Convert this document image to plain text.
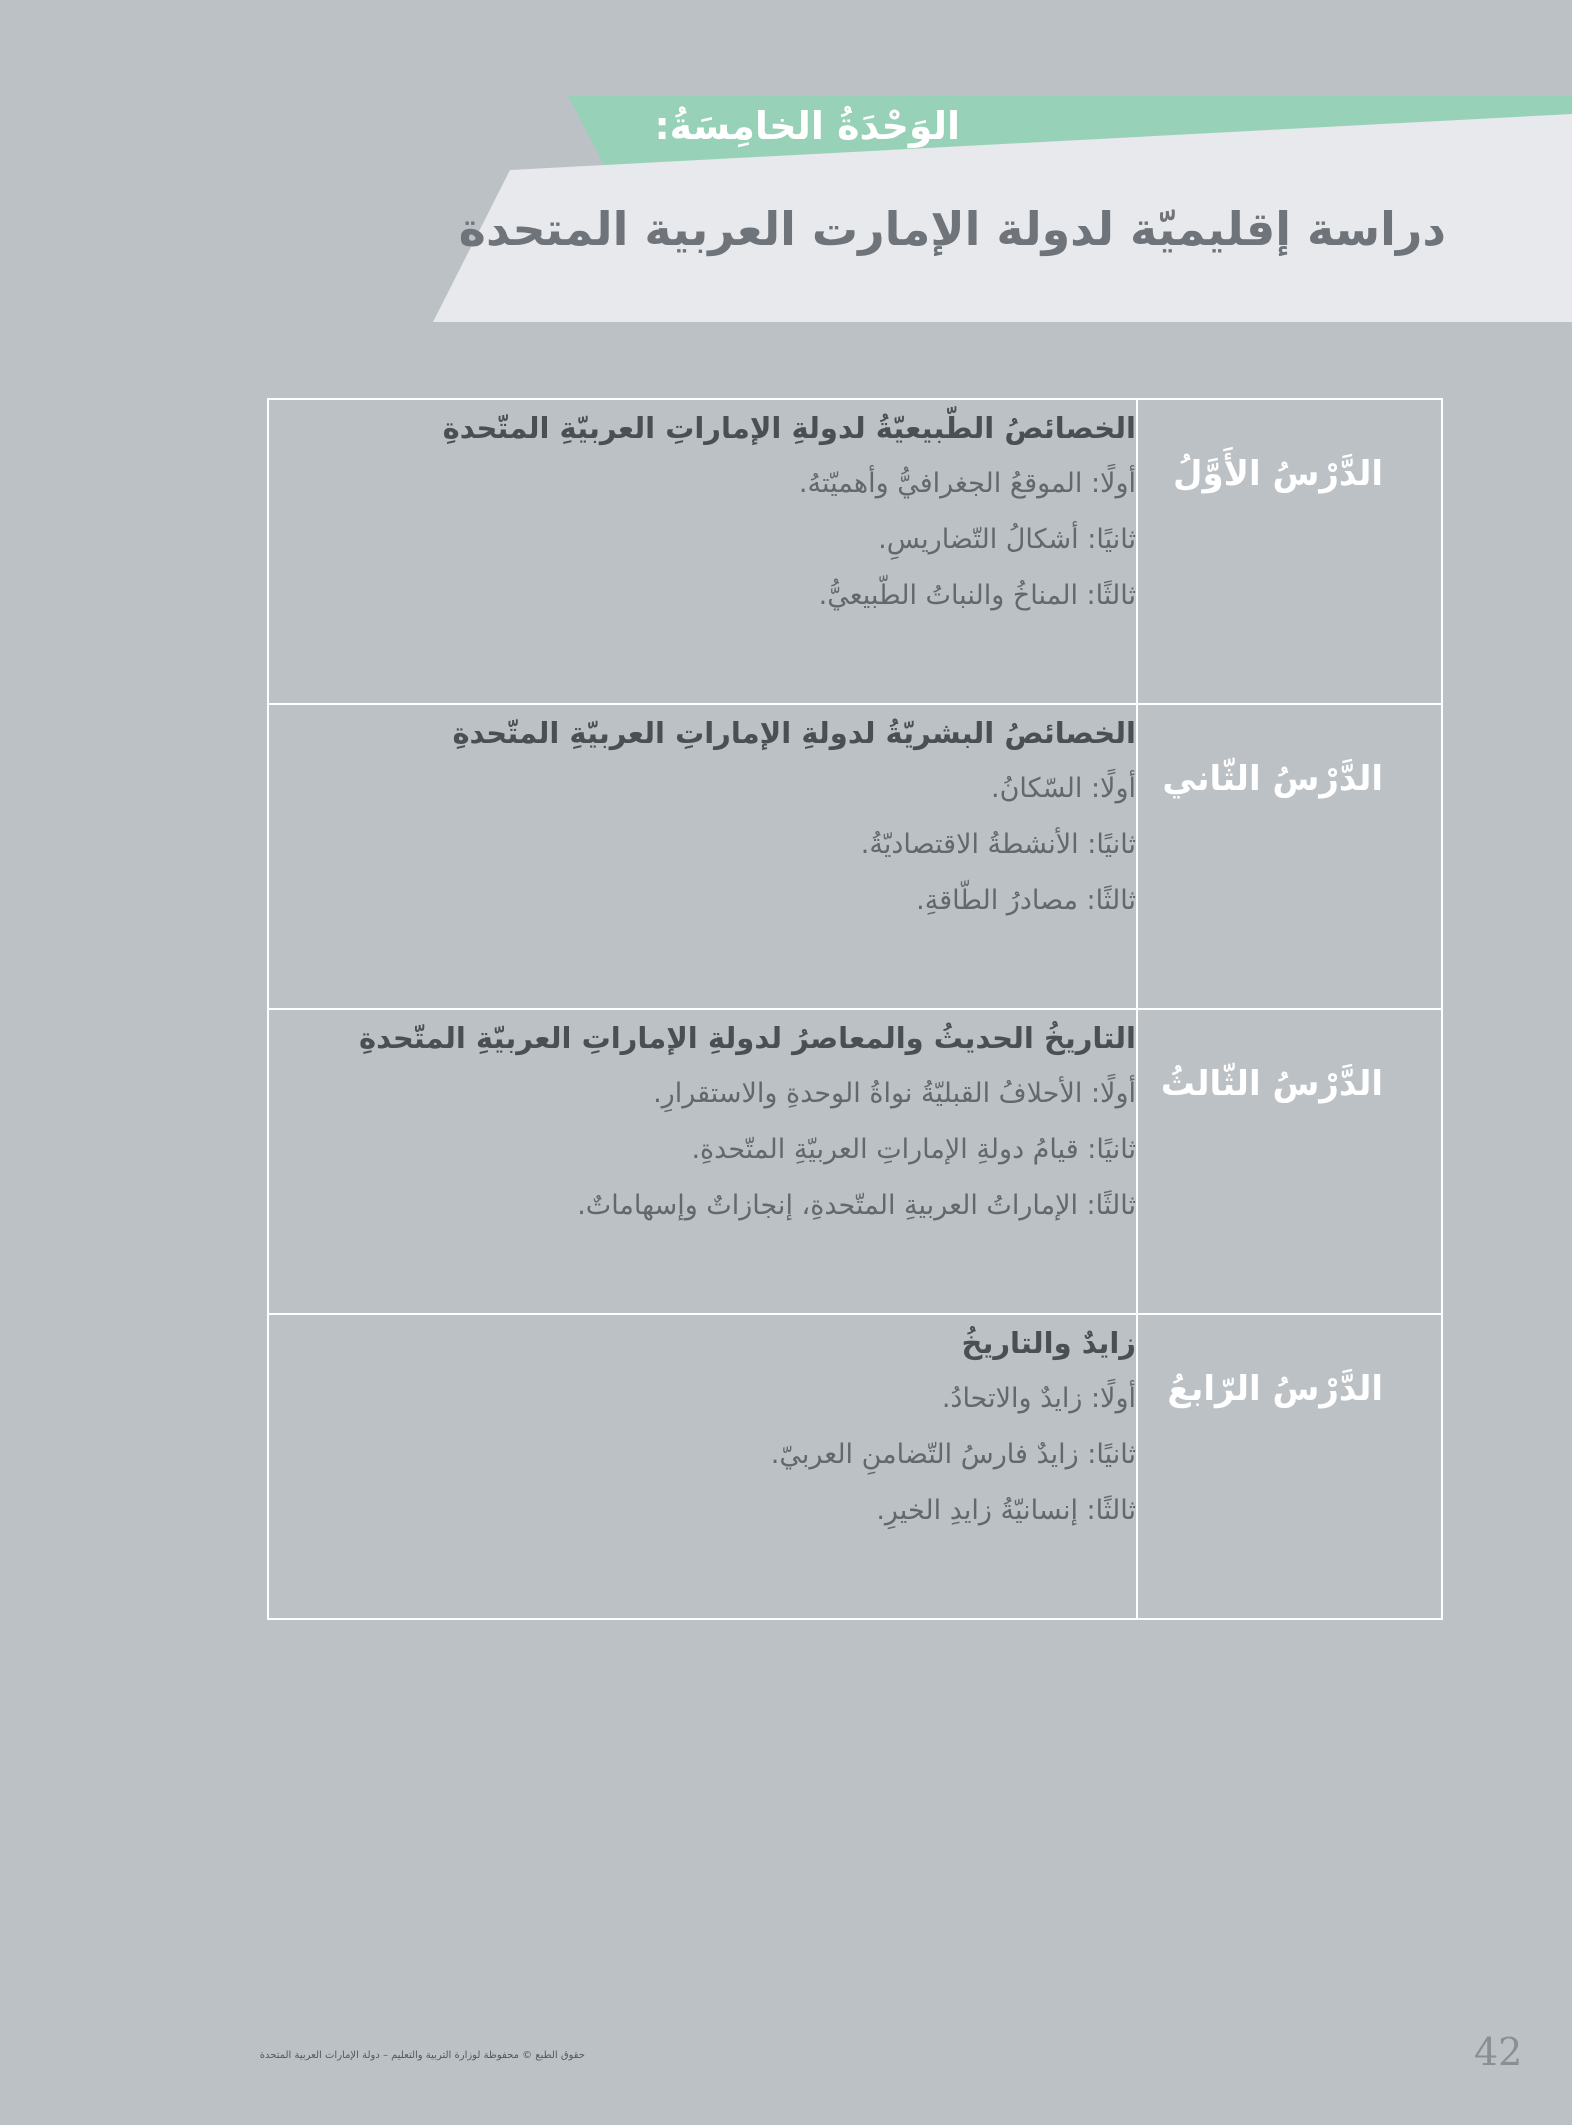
الوَحْدَةُ الخامِسَةُ:
دراسة إقليميّة لدولة الإمارت العربية المتحدة
الدَّرْسُ الأَوَّلُ	الخصائصُ الطّبيعيّةُ لدولةِ الإماراتِ العربيّةِ المتّحدةِ
أولًا: الموقعُ الجغرافيُّ وأهميّتهُ.
ثانيًا: أشكالُ التّضاريسِ.
ثالثًا: المناخُ والنباتُ الطّبيعيُّ.

الدَّرْسُ الثّاني	الخصائصُ البشريّةُ لدولةِ الإماراتِ العربيّةِ المتّحدةِ
أولًا: السّكانُ.
ثانيًا: الأنشطةُ الاقتصاديّةُ.
ثالثًا: مصادرُ الطّاقةِ.

الدَّرْسُ الثّالثُ	التاريخُ الحديثُ والمعاصرُ لدولةِ الإماراتِ العربيّةِ المتّحدةِ
أولًا: الأحلافُ القبليّةُ نواةُ الوحدةِ والاستقرارِ.
ثانيًا: قيامُ دولةِ الإماراتِ العربيّةِ المتّحدةِ.
ثالثًا: الإماراتُ العربيةِ المتّحدةِ، إنجازاتٌ وإسهاماتٌ.

الدَّرْسُ الرّابعُ	زايدٌ والتاريخُ
أولًا: زايدٌ والاتحادُ.
ثانيًا: زايدٌ فارسُ التّضامنِ العربيّ.
ثالثًا: إنسانيّةُ زايدِ الخيرِ.
42
حقوق الطبع © محفوظة لوزارة التربية والتعليم – دولة الإمارات العربية المتحدة
